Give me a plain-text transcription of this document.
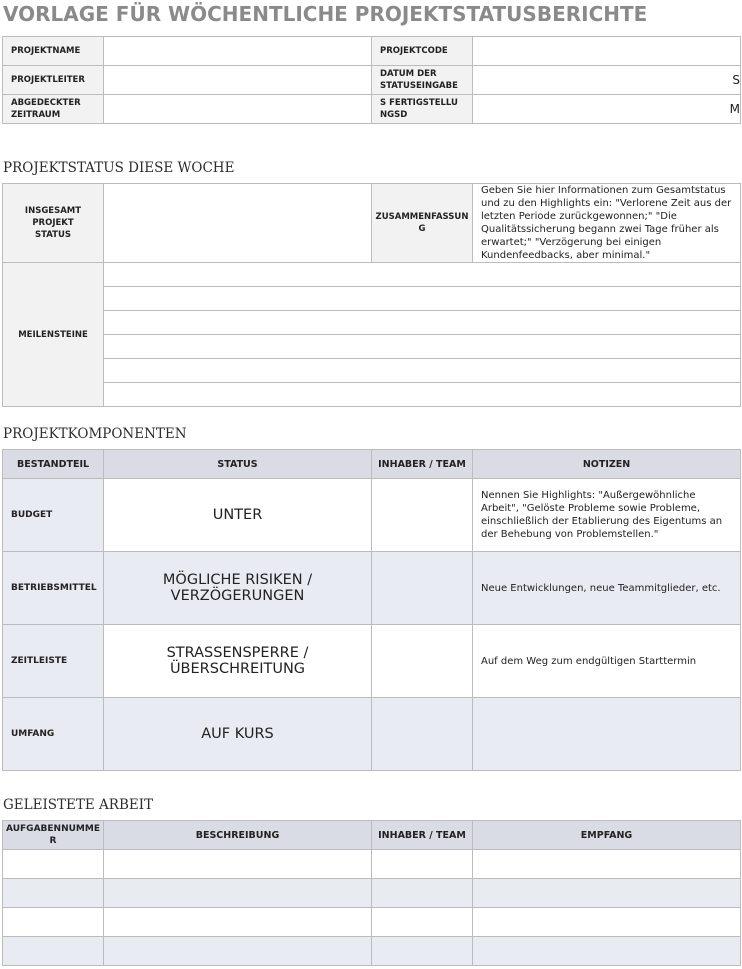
VORLAGE FÜR WÖCHENTLICHE PROJEKTSTATUSBERICHTE
PROJEKTNAME		PROJEKTCODE	
PROJEKTLEITER		DATUM DER STATUSEINGABE	S
ABGEDECKTER ZEITRAUM		S FERTIGSTELLUNGSD	M
PROJEKTSTATUS DIESE WOCHE
INSGESAMT PROJEKT STATUS		ZUSAMMENFASSUNG	Geben Sie hier Informationen zum Gesamtstatus und zu den Highlights ein: "Verlorene Zeit aus der letzten Periode zurückgewonnen;" "Die Qualitätssicherung begann zwei Tage früher als erwartet;" "Verzögerung bei einigen Kundenfeedbacks, aber minimal."
MEILENSTEINE			

PROJEKTKOMPONENTEN
BESTANDTEIL	STATUS	INHABER / TEAM	NOTIZEN
BUDGET	UNTER		Nennen Sie Highlights: "Außergewöhnliche Arbeit", "Gelöste Probleme sowie Probleme, einschließlich der Etablierung des Eigentums an der Behebung von Problemstellen."
BETRIEBSMITTEL	MÖGLICHE RISIKEN / VERZÖGERUNGEN		Neue Entwicklungen, neue Teammitglieder, etc.
ZEITLEISTE	STRASSENSPERRE / ÜBERSCHREITUNG		Auf dem Weg zum endgültigen Starttermin
UMFANG	AUF KURS		
GELEISTETE ARBEIT
AUFGABENNUMMER	BESCHREIBUNG	INHABER / TEAM	EMPFANG
